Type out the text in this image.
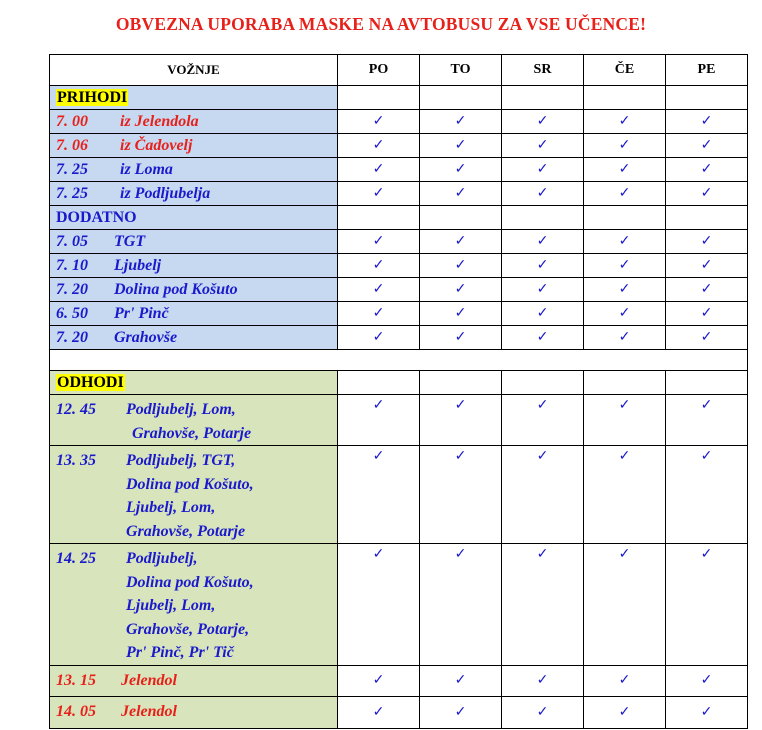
OBVEZNA UPORABA MASKE NA AVTOBUSU ZA VSE UČENCE!
VOŽNJE	PO	TO	SR	ČE	PE
PRIHODI					
7. 00 iz Jelendola	✓	✓	✓	✓	✓
7. 06 iz Čadovelj	✓	✓	✓	✓	✓
7. 25 iz Loma	✓	✓	✓	✓	✓
7. 25 iz Podljubelja	✓	✓	✓	✓	✓
DODATNO					
7. 05 TGT	✓	✓	✓	✓	✓
7. 10 Ljubelj	✓	✓	✓	✓	✓
7. 20 Dolina pod Košuto	✓	✓	✓	✓	✓
6. 50 Pr' Pinč	✓	✓	✓	✓	✓
7. 20 Grahovše	✓	✓	✓	✓	✓

ODHODI					

12. 45 Podljubelj, Lom,
Grahovše, Potarje	✓	✓	✓	✓	✓

13. 35 Podljubelj, TGT,
Dolina pod Košuto,
Ljubelj, Lom,
Grahovše, Potarje	✓	✓	✓	✓	✓

14. 25 Podljubelj,
Dolina pod Košuto,
Ljubelj, Lom,
Grahovše, Potarje,
Pr' Pinč, Pr' Tič	✓	✓	✓	✓	✓
13. 15 Jelendol	✓	✓	✓	✓	✓
14. 05 Jelendol	✓	✓	✓	✓	✓
